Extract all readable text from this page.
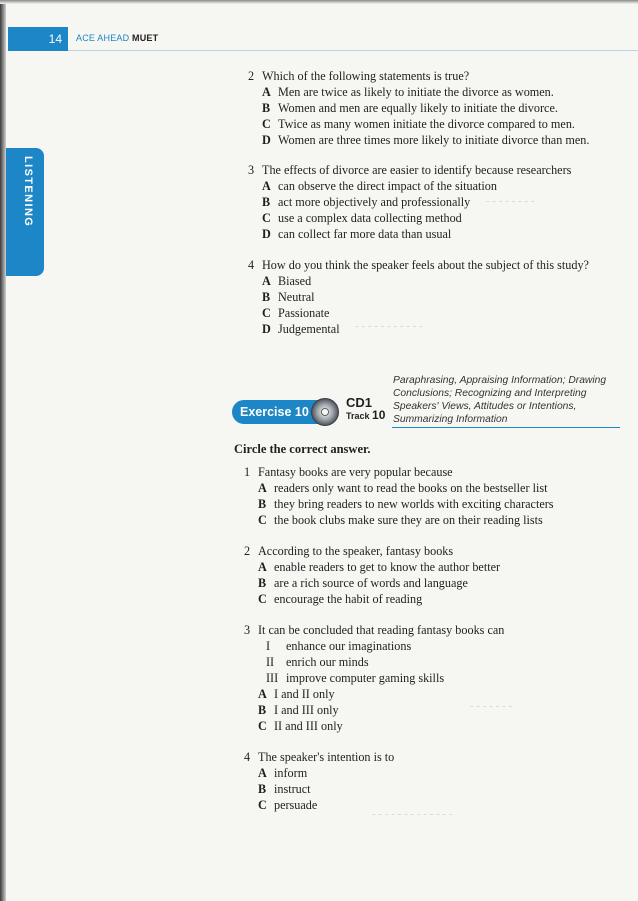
14	ACE AHEAD MUET
LISTENING
2 Which of the following statements is true?
A Men are twice as likely to initiate the divorce as women.
B Women and men are equally likely to initiate the divorce.
C Twice as many women initiate the divorce compared to men.
D Women are three times more likely to initiate divorce than men.
3 The effects of divorce are easier to identify because researchers
A can observe the direct impact of the situation
B act more objectively and professionally
C use a complex data collecting method
D can collect far more data than usual
4 How do you think the speaker feels about the subject of this study?
A Biased
B Neutral
C Passionate
D Judgemental
- - - - - - - -
- - - - - - - - - - -
Paraphrasing, Appraising Information; Drawing Conclusions; Recognizing and Interpreting Speakers' Views, Attitudes or Intentions, Summarizing Information
Exercise 10
CD1
Track 10
Circle the correct answer.
1 Fantasy books are very popular because
A readers only want to read the books on the bestseller list
B they bring readers to new worlds with exciting characters
C the book clubs make sure they are on their reading lists
2 According to the speaker, fantasy books
A enable readers to get to know the author better
B are a rich source of words and language
C encourage the habit of reading
3 It can be concluded that reading fantasy books can
I enhance our imaginations
II enrich our minds
III improve computer gaming skills
A I and II only
B I and III only
C II and III only
4 The speaker's intention is to
A inform
B instruct
C persuade
- - - - - - -
- - - - - - - - - - - - -
